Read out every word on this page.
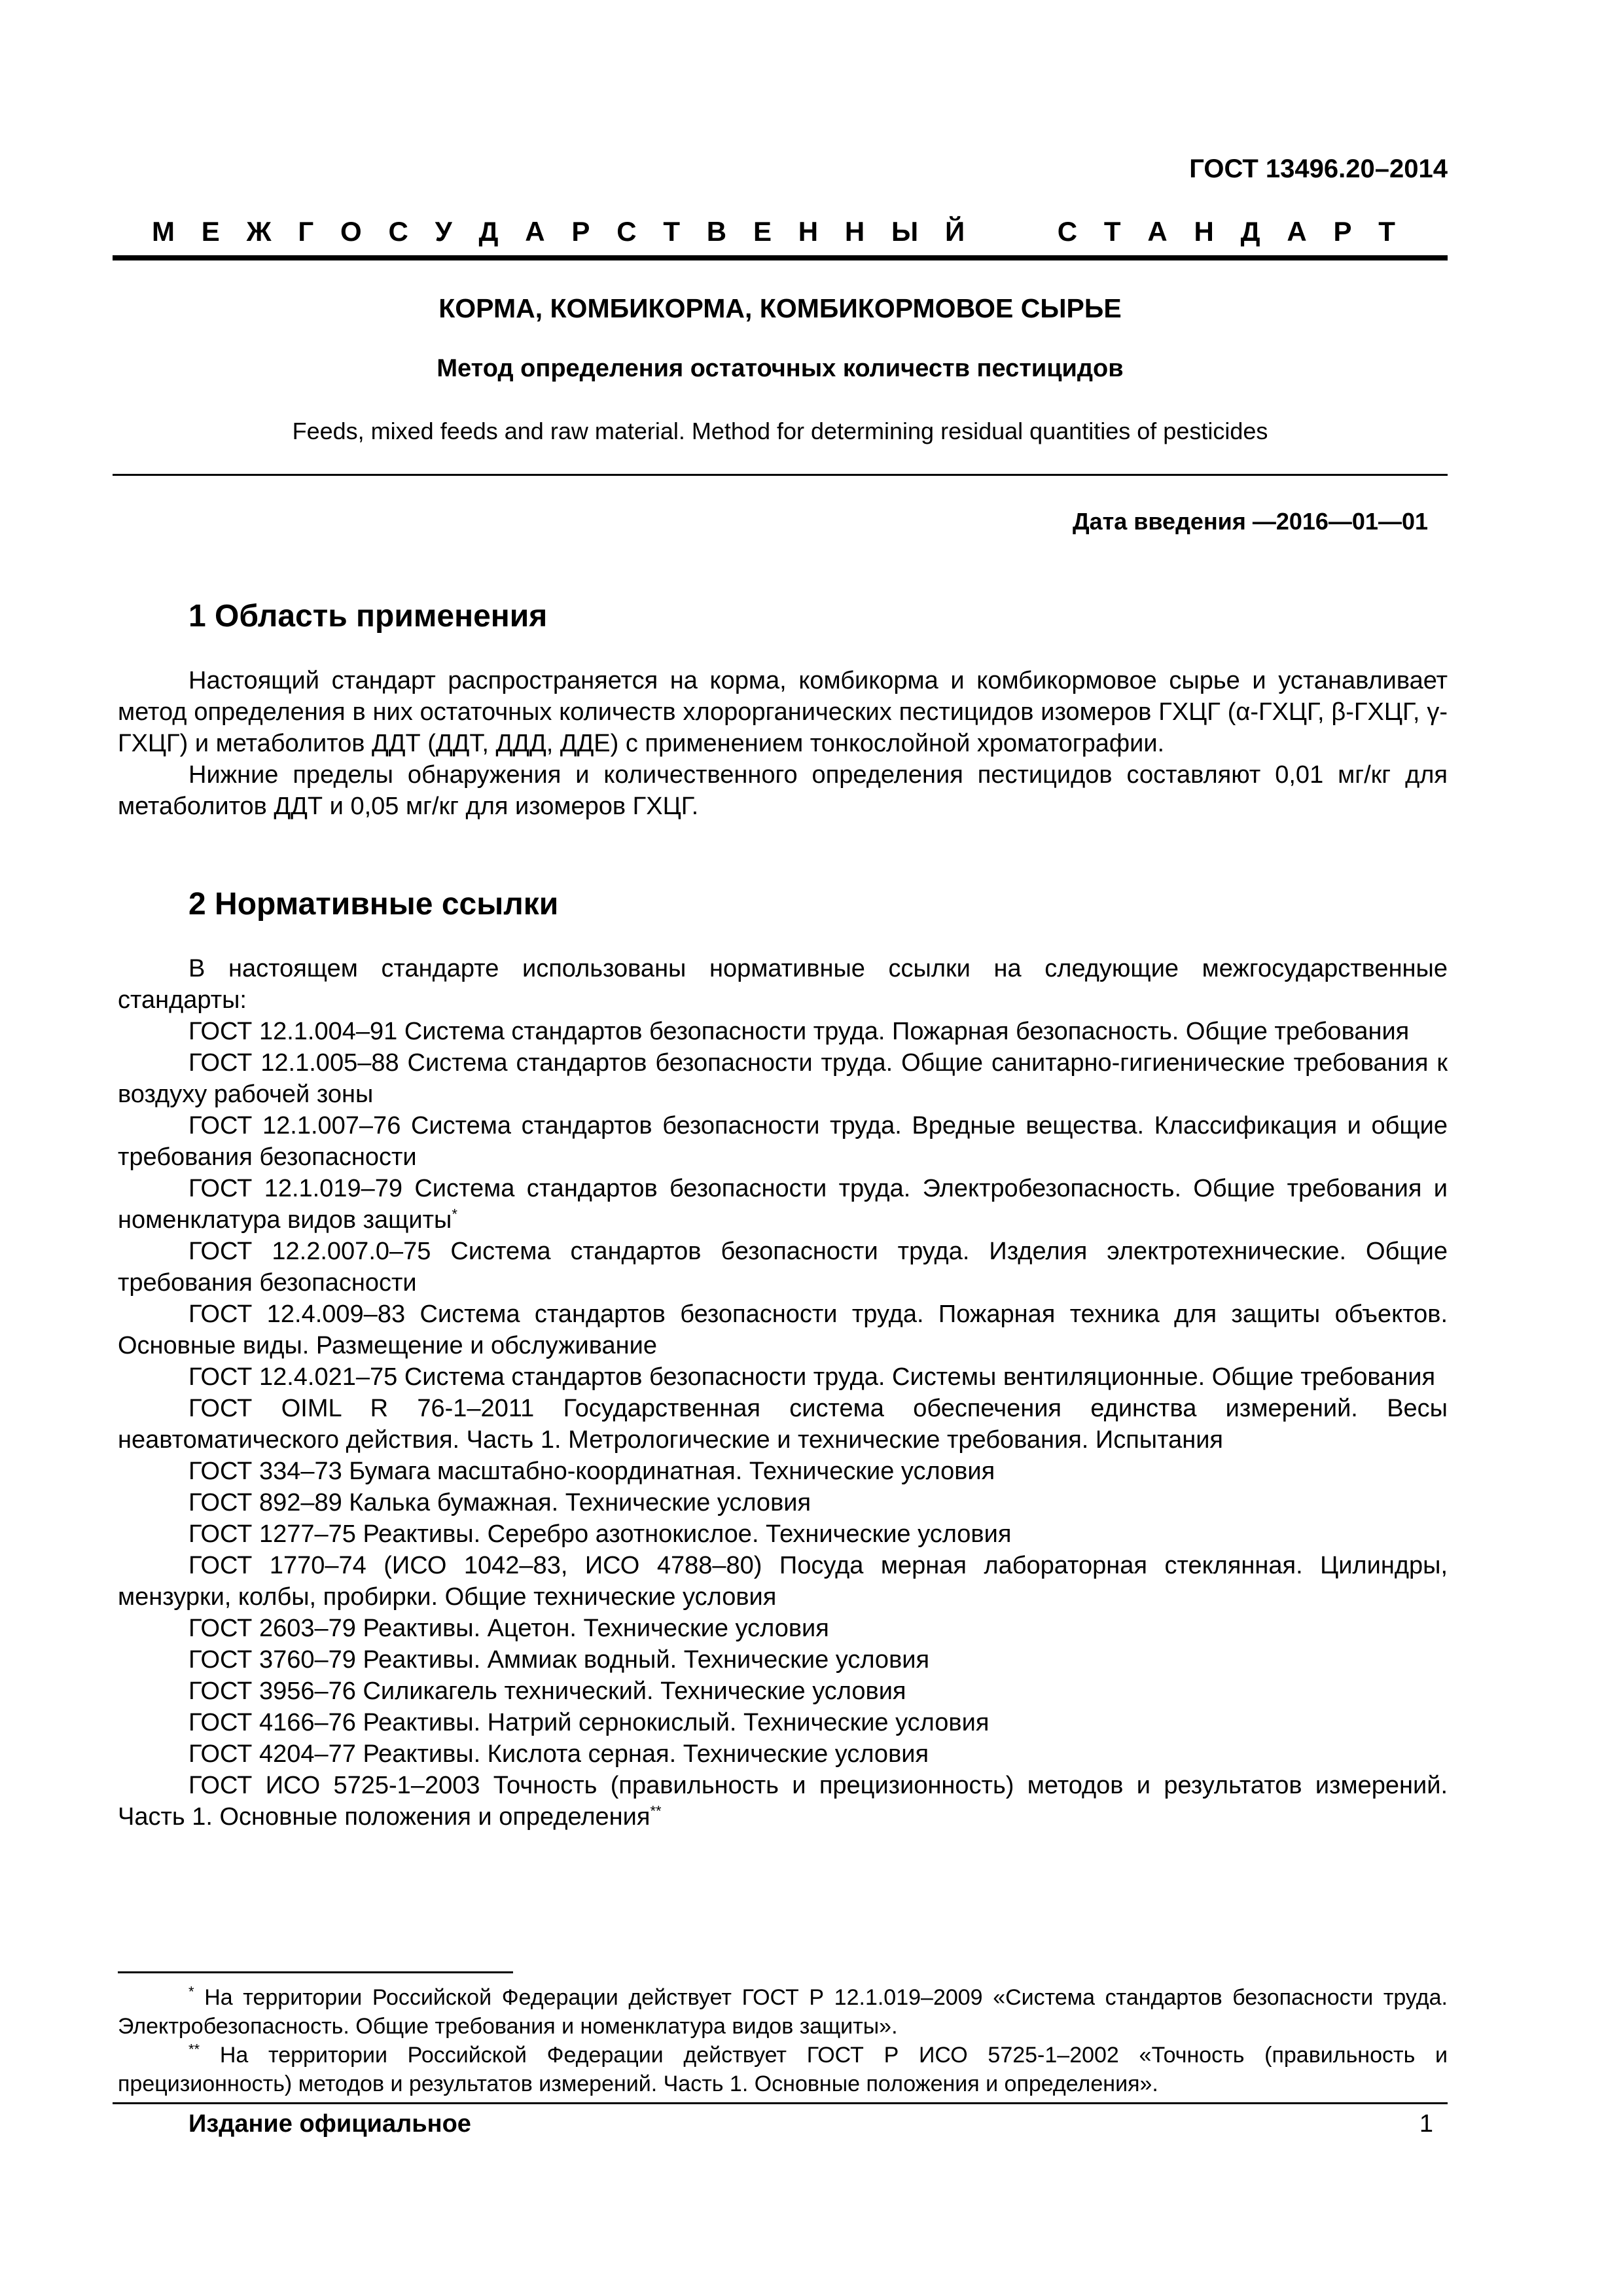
ГОСТ 13496.20–2014
М Е Ж Г О С У Д А Р С Т В Е Н Н Ы Й	С Т А Н Д А Р Т
КОРМА, КОМБИКОРМА, КОМБИКОРМОВОЕ СЫРЬЕ
Метод определения остаточных количеств пестицидов
Feeds, mixed feeds and raw material. Method for determining residual quantities of pesticides
Дата введения —2016—01—01
1 Область применения

Настоящий стандарт распространяется на корма, комбикорма и комбикормовое сырье и устанавливает метод определения в них остаточных количеств хлорорганических пестицидов изомеров ГХЦГ (α-ГХЦГ, β-ГХЦГ, γ-ГХЦГ) и метаболитов ДДТ (ДДТ, ДДД, ДДЕ) с применением тонкослойной хроматографии.

Нижние пределы обнаружения и количественного определения пестицидов составляют 0,01 мг/кг для метаболитов ДДТ и 0,05 мг/кг для изомеров ГХЦГ.

2 Нормативные ссылки

В настоящем стандарте использованы нормативные ссылки на следующие межгосударственные стандарты:

ГОСТ 12.1.004–91 Система стандартов безопасности труда. Пожарная безопасность. Общие требования

ГОСТ 12.1.005–88 Система стандартов безопасности труда. Общие санитарно-гигиенические требования к воздуху рабочей зоны

ГОСТ 12.1.007–76 Система стандартов безопасности труда. Вредные вещества. Классификация и общие требования безопасности

ГОСТ 12.1.019–79 Система стандартов безопасности труда. Электробезопасность. Общие требования и номенклатура видов защиты*

ГОСТ 12.2.007.0–75 Система стандартов безопасности труда. Изделия электротехнические. Общие требования безопасности

ГОСТ 12.4.009–83 Система стандартов безопасности труда. Пожарная техника для защиты объектов. Основные виды. Размещение и обслуживание

ГОСТ 12.4.021–75 Система стандартов безопасности труда. Системы вентиляционные. Общие требования

ГОСТ OIML R 76-1–2011 Государственная система обеспечения единства измерений. Весы неавтоматического действия. Часть 1. Метрологические и технические требования. Испытания

ГОСТ 334–73 Бумага масштабно-координатная. Технические условия

ГОСТ 892–89 Калька бумажная. Технические условия

ГОСТ 1277–75 Реактивы. Серебро азотнокислое. Технические условия

ГОСТ 1770–74 (ИСО 1042–83, ИСО 4788–80) Посуда мерная лабораторная стеклянная. Цилиндры, мензурки, колбы, пробирки. Общие технические условия

ГОСТ 2603–79 Реактивы. Ацетон. Технические условия

ГОСТ 3760–79 Реактивы. Аммиак водный. Технические условия

ГОСТ 3956–76 Силикагель технический. Технические условия

ГОСТ 4166–76 Реактивы. Натрий сернокислый. Технические условия

ГОСТ 4204–77 Реактивы. Кислота серная. Технические условия

ГОСТ ИСО 5725-1–2003 Точность (правильность и прецизионность) методов и результатов измерений. Часть 1. Основные положения и определения**

* На территории Российской Федерации действует ГОСТ Р 12.1.019–2009 «Система стандартов безопасности труда. Электробезопасность. Общие требования и номенклатура видов защиты».

** На территории Российской Федерации действует ГОСТ Р ИСО 5725-1–2002 «Точность (правильность и прецизионность) методов и результатов измерений. Часть 1. Основные положения и определения».

Издание официальное	1
